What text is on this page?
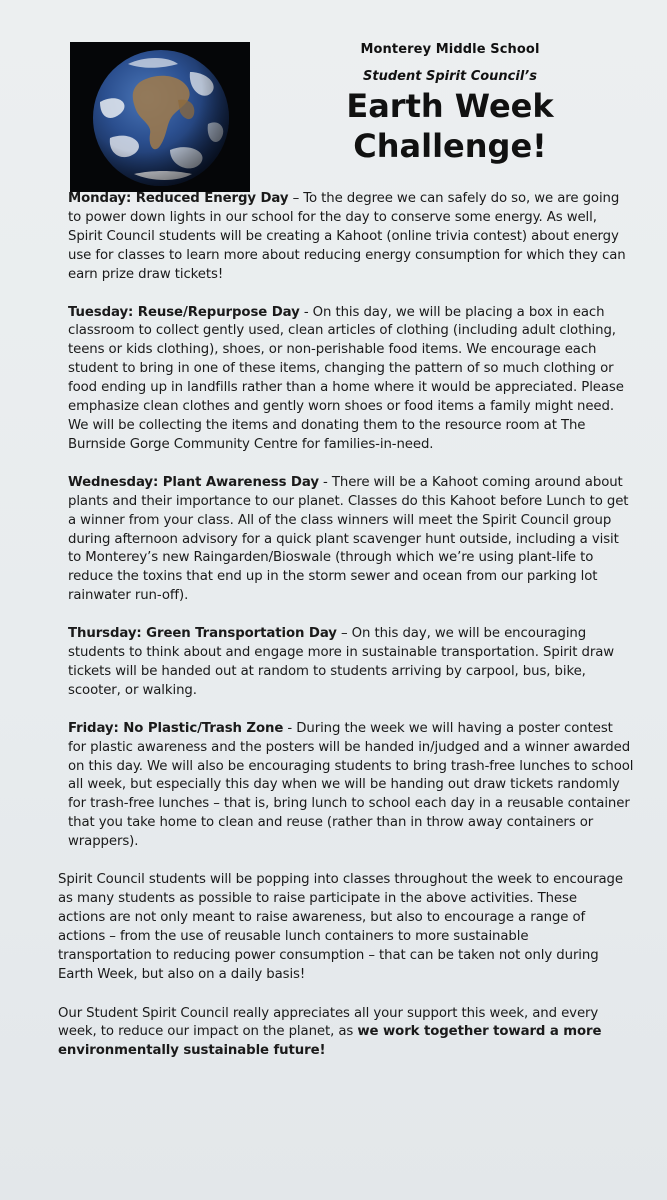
Monterey Middle School
Student Spirit Council’s
Earth Week
Challenge!

Monday: Reduced Energy Day – To the degree we can safely do so, we are going to power down lights in our school for the day to conserve some energy. As well, Spirit Council students will be creating a Kahoot (online trivia contest) about energy use for classes to learn more about reducing energy consumption for which they can earn prize draw tickets!

Tuesday: Reuse/Repurpose Day - On this day, we will be placing a box in each classroom to collect gently used, clean articles of clothing (including adult clothing, teens or kids clothing), shoes, or non-perishable food items. We encourage each student to bring in one of these items, changing the pattern of so much clothing or food ending up in landfills rather than a home where it would be appreciated. Please emphasize clean clothes and gently worn shoes or food items a family might need. We will be collecting the items and donating them to the resource room at The Burnside Gorge Community Centre for families-in-need.

Wednesday: Plant Awareness Day - There will be a Kahoot coming around about plants and their importance to our planet. Classes do this Kahoot before Lunch to get a winner from your class. All of the class winners will meet the Spirit Council group during afternoon advisory for a quick plant scavenger hunt outside, including a visit to Monterey’s new Raingarden/Bioswale (through which we’re using plant-life to reduce the toxins that end up in the storm sewer and ocean from our parking lot rainwater run-off).

Thursday: Green Transportation Day – On this day, we will be encouraging students to think about and engage more in sustainable transportation. Spirit draw tickets will be handed out at random to students arriving by carpool, bus, bike, scooter, or walking.

Friday: No Plastic/Trash Zone - During the week we will having a poster contest for plastic awareness and the posters will be handed in/judged and a winner awarded on this day. We will also be encouraging students to bring trash-free lunches to school all week, but especially this day when we will be handing out draw tickets randomly for trash-free lunches – that is, bring lunch to school each day in a reusable container that you take home to clean and reuse (rather than in throw away containers or wrappers).

Spirit Council students will be popping into classes throughout the week to encourage as many students as possible to raise participate in the above activities. These actions are not only meant to raise awareness, but also to encourage a range of actions – from the use of reusable lunch containers to more sustainable transportation to reducing power consumption – that can be taken not only during Earth Week, but also on a daily basis!

Our Student Spirit Council really appreciates all your support this week, and every week, to reduce our impact on the planet, as we work together toward a more environmentally sustainable future!
